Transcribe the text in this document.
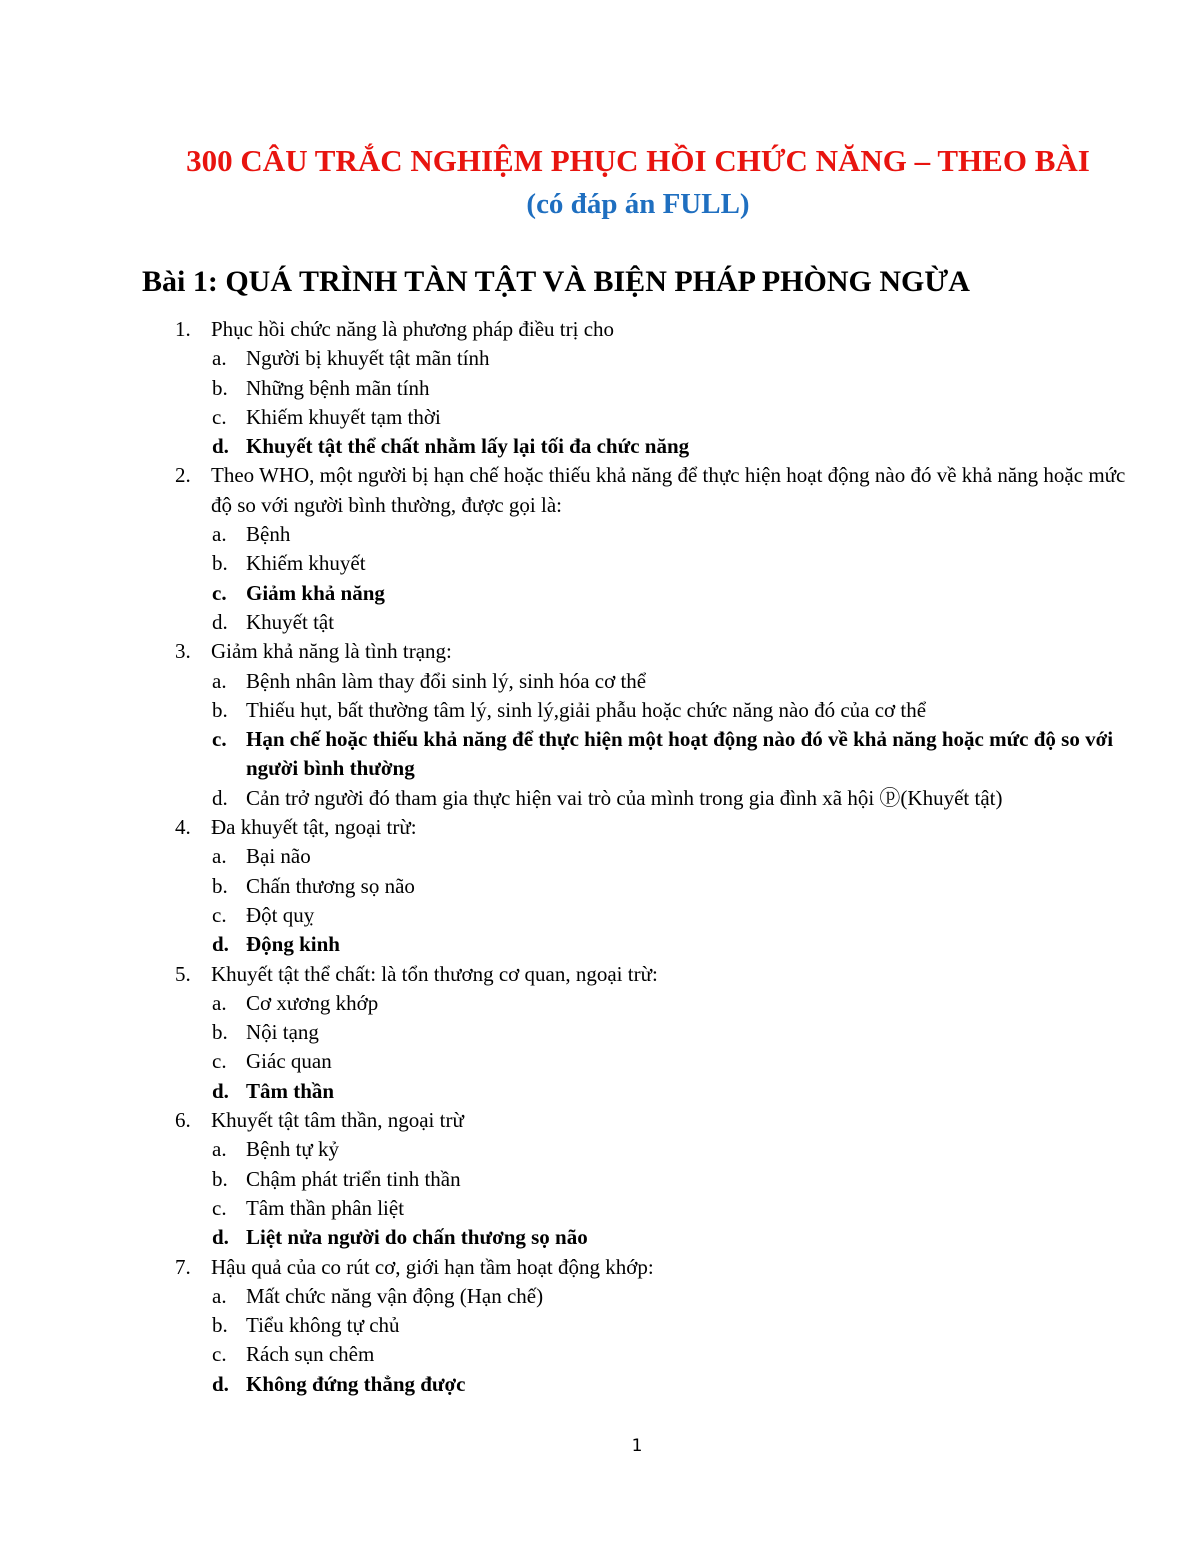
300 CÂU TRẮC NGHIỆM PHỤC HỒI CHỨC NĂNG – THEO BÀI
(có đáp án FULL)
Bài 1: QUÁ TRÌNH TÀN TẬT VÀ BIỆN PHÁP PHÒNG NGỪA
1. Phục hồi chức năng là phương pháp điều trị cho
a. Người bị khuyết tật mãn tính
b. Những bệnh mãn tính
c. Khiếm khuyết tạm thời
d. Khuyết tật thể chất nhằm lấy lại tối đa chức năng
2. Theo WHO, một người bị hạn chế hoặc thiếu khả năng để thực hiện hoạt động nào đó về khả năng hoặc mức độ so với người bình thường, được gọi là:
a. Bệnh
b. Khiếm khuyết
c. Giảm khả năng
d. Khuyết tật
3. Giảm khả năng là tình trạng:
a. Bệnh nhân làm thay đổi sinh lý, sinh hóa cơ thể
b. Thiếu hụt, bất thường tâm lý, sinh lý,giải phẫu hoặc chức năng nào đó của cơ thể
c. Hạn chế hoặc thiếu khả năng để thực hiện một hoạt động nào đó về khả năng hoặc mức độ so với người bình thường
d. Cản trở người đó tham gia thực hiện vai trò của mình trong gia đình xã hội ⓟ(Khuyết tật)
4. Đa khuyết tật, ngoại trừ:
a. Bại não
b. Chấn thương sọ não
c. Đột quỵ
d. Động kinh
5. Khuyết tật thể chất: là tổn thương cơ quan, ngoại trừ:
a. Cơ xương khớp
b. Nội tạng
c. Giác quan
d. Tâm thần
6. Khuyết tật tâm thần, ngoại trừ
a. Bệnh tự kỷ
b. Chậm phát triển tinh thần
c. Tâm thần phân liệt
d. Liệt nửa người do chấn thương sọ não
7. Hậu quả của co rút cơ, giới hạn tầm hoạt động khớp:
a. Mất chức năng vận động (Hạn chế)
b. Tiểu không tự chủ
c. Rách sụn chêm
d. Không đứng thẳng được
1
